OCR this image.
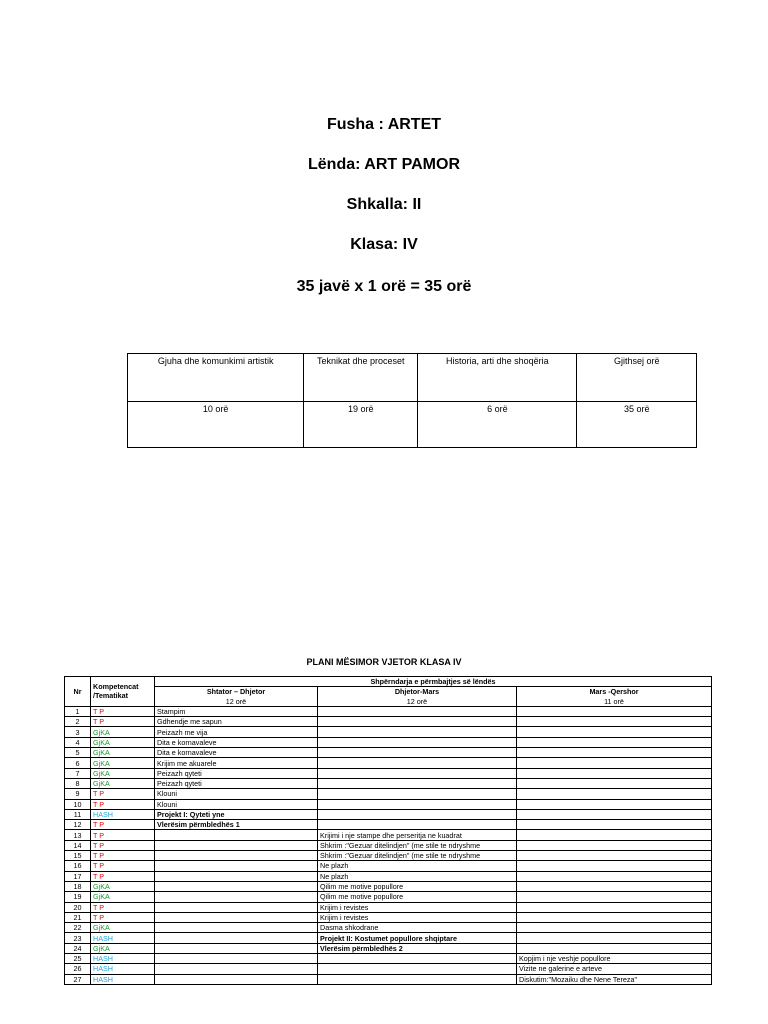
Fusha : ARTET
Lënda: ART PAMOR
Shkalla: II
Klasa: IV
35 javë x 1 orë = 35 orë
Gjuha dhe komunkimi artistik	Teknikat dhe proceset	Historia, arti dhe shoqëria	Gjithsej orë
10 orë	19 orë	6 orë	35 orë
PLANI MËSIMOR VJETOR KLASA IV
Nr	Kompetencat /Tematikat	Shpërndarja e përmbajtjes së lëndës		
		Shtator – Dhjetor	Dhjetor-Mars	Mars -Qershor
		12 orë	12 orë	11 orë
1	T P	Stampim		
2	T P	Gdhendje me sapun		
3	GjKA	Peizazh me vija		
4	GjKA	Dita e kornavaleve		
5	GjKA	Dita e kornavaleve		
6	GjKA	Krijim me akuarele		
7	GjKA	Peizazh qyteti		
8	GjKA	Peizazh qyteti		
9	T P	Klouni		
10	T P	Klouni		
11	HASH	Projekt I: Qyteti yne		
12	T P	Vlerësim përmbledhës 1		
13	T P		Krijimi i nje stampe dhe perseritja ne kuadrat	
14	T P		Shkrim :"Gezuar ditelindjen" (me stile te ndryshme	
15	T P		Shkrim :"Gezuar ditelindjen" (me stile te ndryshme	
16	T P		Ne plazh	
17	T P		Ne plazh	
18	GjKA		Qilim me motive popullore	
19	GjKA		Qilim me motive popullore	
20	T P		Krijim i revistes	
21	T P		Krijim i revistes	
22	GjKA		Dasma shkodrane	
23	HASH		Projekt II: Kostumet popullore shqiptare	
24	GjKA		Vlerësim përmbledhës 2	
25	HASH			Kopjim i nje veshje popullore
26	HASH			Vizite ne galerine e arteve
27	HASH			Diskutim:"Mozaiku dhe Nene Tereza"
